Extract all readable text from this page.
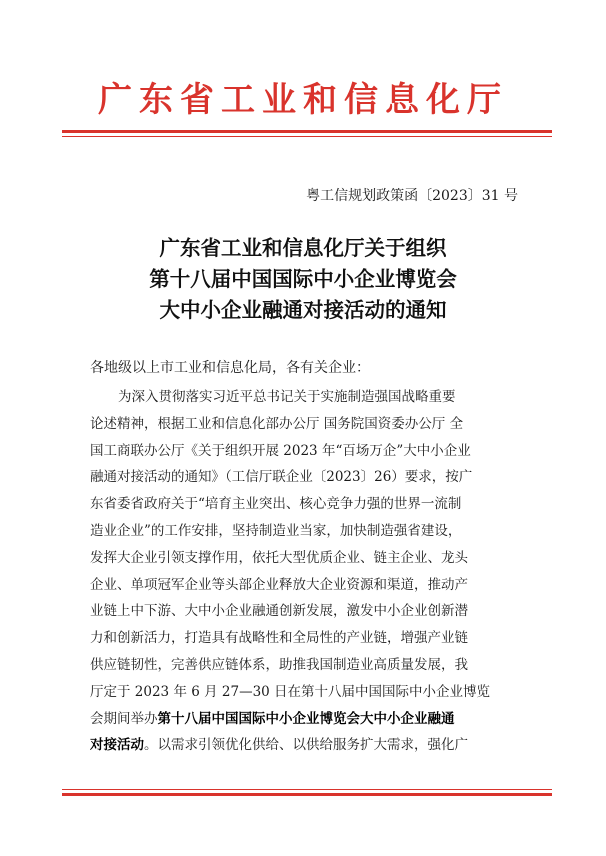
广东省工业和信息化厅
粤工信规划政策函〔2023〕31 号
广东省工业和信息化厅关于组织
第十八届中国国际中小企业博览会
大中小企业融通对接活动的通知
各地级以上市工业和信息化局，各有关企业：
为深入贯彻落实习近平总书记关于实施制造强国战略重要
论述精神，根据工业和信息化部办公厅 国务院国资委办公厅 全
国工商联办公厅《关于组织开展 2023 年“百场万企”大中小企业
融通对接活动的通知》（工信厅联企业〔2023〕26）要求，按广
东省委省政府关于“培育主业突出、核心竞争力强的世界一流制
造业企业”的工作安排，坚持制造业当家，加快制造强省建设，
发挥大企业引领支撑作用，依托大型优质企业、链主企业、龙头
企业、单项冠军企业等头部企业释放大企业资源和渠道，推动产
业链上中下游、大中小企业融通创新发展，激发中小企业创新潜
力和创新活力，打造具有战略性和全局性的产业链，增强产业链
供应链韧性，完善供应链体系，助推我国制造业高质量发展，我
厅定于 2023 年 6 月 27—30 日在第十八届中国国际中小企业博览
会期间举办第十八届中国国际中小企业博览会大中小企业融通
对接活动。以需求引领优化供给、以供给服务扩大需求，强化广
